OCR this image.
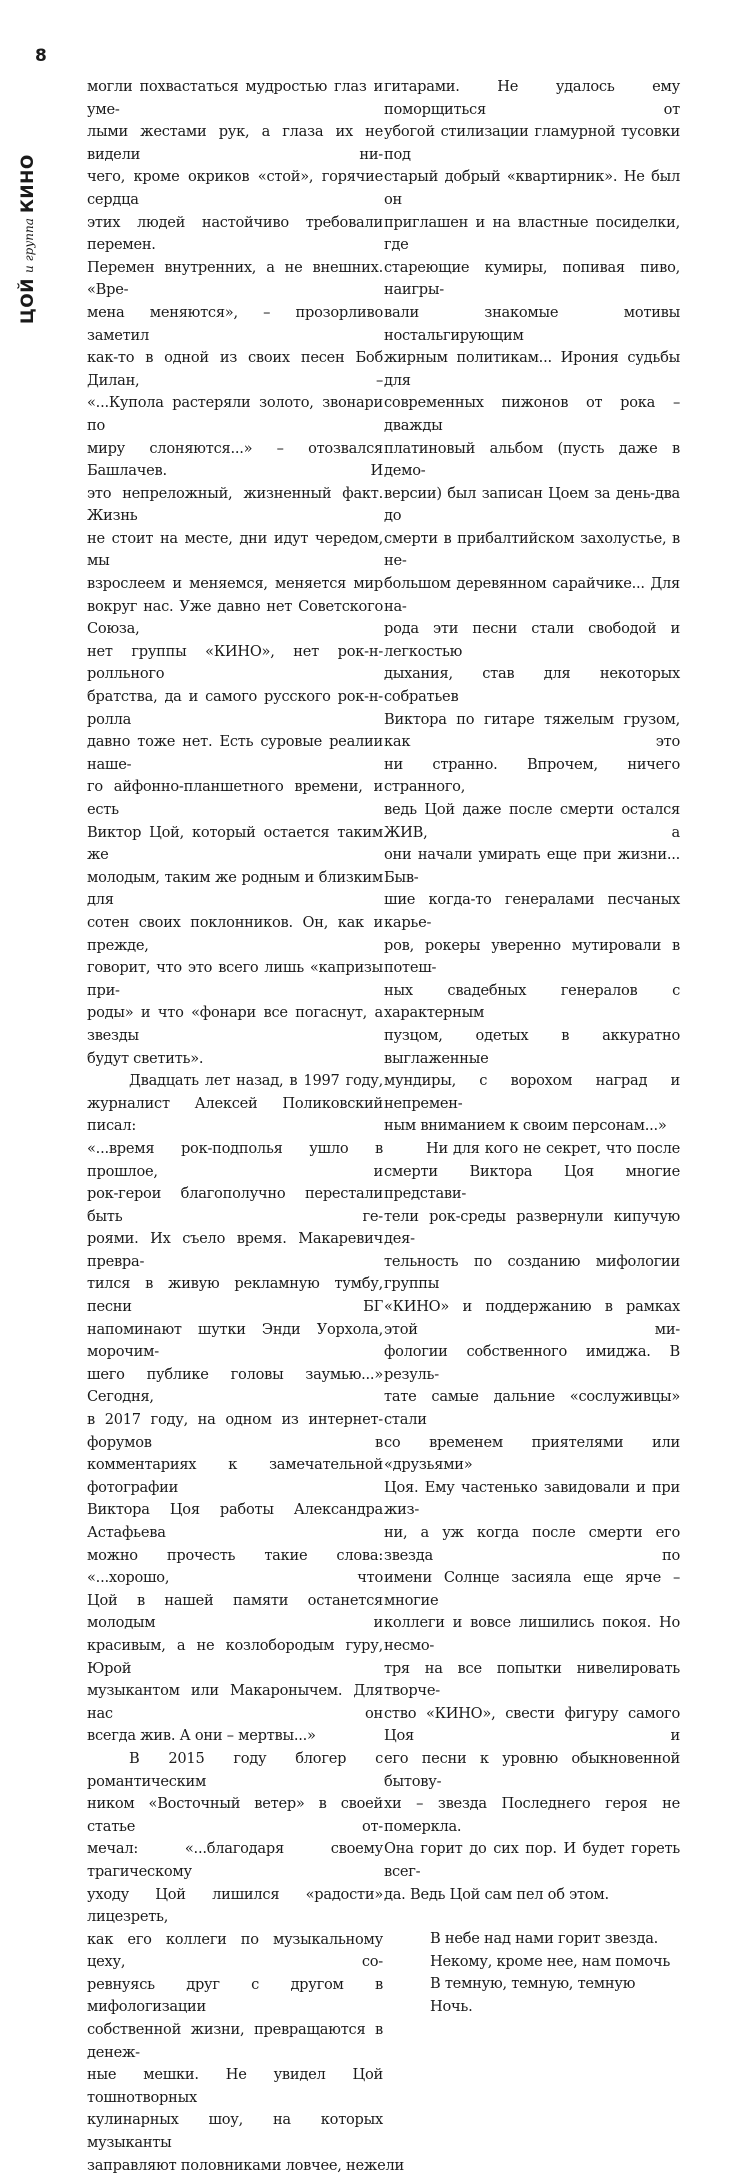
8
ЦОЙ и группа КИНО
могли похвастаться мудростью глаз и уме-
лыми жестами рук, а глаза их не видели ни-
чего, кроме окриков «стой», горячие сердца
этих людей настойчиво требовали перемен.
Перемен внутренних, а не внешних. «Вре-
мена меняются», – прозорливо заметил
как-то в одной из своих песен Боб Дилан, –
«...Купола растеряли золото, звонари по
миру слоняются...» – отозвался Башлачев. И
это непреложный, жизненный факт. Жизнь
не стоит на месте, дни идут чередом, мы
взрослеем и меняемся, меняется мир
вокруг нас. Уже давно нет Советского Союза,
нет группы «КИНО», нет рок-н-ролльного
братства, да и самого русского рок-н-ролла
давно тоже нет. Есть суровые реалии наше-
го айфонно-планшетного времени, и есть
Виктор Цой, который остается таким же
молодым, таким же родным и близким для
сотен своих поклонников. Он, как и прежде,
говорит, что это всего лишь «капризы при-
роды» и что «фонари все погаснут, а звезды
будут светить».
Двадцать лет назад, в 1997 году,
журналист Алексей Поликовский писал:
«...время рок-подполья ушло в прошлое, и
рок-герои благополучно перестали быть ге-
роями. Их съело время. Макаревич преврa-
тился в живую рекламную тумбу, песни БГ
напоминают шутки Энди Уорхола, морочим-
шего публике головы заумью...» Сегодня,
в 2017 году, на одном из интернет-форумов в
комментариях к замечательной фотографии
Виктора Цоя работы Александра Астафьева
можно прочесть такие слова: «...хорошо, что
Цой в нашей памяти останется молодым и
красивым, а не козлобородым гуру, Юрой
музыкантом или Макаронычем. Для нас он
всегда жив. А они – мертвы...»
В 2015 году блогер с романтическим
ником «Восточный ветер» в своей статье от-
мечал: «...благодаря своему трагическому
уходу Цой лишился «радости» лицезреть,
как его коллеги по музыкальному цеху, со-
ревнуясь друг с другом в мифологизации
собственной жизни, превращаются в денеж-
ные мешки. Не увидел Цой тошнотворных
кулинарных шоу, на которых музыканты
заправляют половниками ловчее, нежели
гитарами. Не удалось ему поморщиться от
убогой стилизации гламурной тусовки под
старый добрый «квартирник». Не был он
приглашен и на властные посиделки, где
стареющие кумиры, попивая пиво, наигры-
вали знакомые мотивы ностальгирующим
жирным политикам... Ирония судьбы для
современных пижонов от рока – дважды
платиновый альбом (пусть даже в демо-
версии) был записан Цоем за день-два до
смерти в прибалтийском захолустье, в не-
большом деревянном сарайчике... Для на-
рода эти песни стали свободой и легкостью
дыхания, став для некоторых собратьев
Виктора по гитаре тяжелым грузом, как это
ни странно. Впрочем, ничего странного,
ведь Цой даже после смерти остался ЖИВ, а
они начали умирать еще при жизни... Быв-
шие когда-то генералами песчаных карье-
ров, рокеры уверенно мутировали в потеш-
ных свадебных генералов с характерным
пузцом, одетых в аккуратно выглаженные
мундиры, с ворохом наград и непремен-
ным вниманием к своим персонам...»
Ни для кого не секрет, что после
смерти Виктора Цоя многие представи-
тели рок-среды развернули кипучую дея-
тельность по созданию мифологии группы
«КИНО» и поддержанию в рамках этой ми-
фологии собственного имиджа. В резуль-
тате самые дальние «сослуживцы» стали
со временем приятелями или «друзьями»
Цоя. Ему частенько завидовали и при жиз-
ни, а уж когда после смерти его звезда по
имени Солнце засияла еще ярче – многие
коллеги и вовсе лишились покоя. Но несмо-
тря на все попытки нивелировать творче-
ство «КИНО», свести фигуру самого Цоя и
его песни к уровню обыкновенной бытову-
хи – звезда Последнего героя не померкла.
Она горит до сих пор. И будет гореть всег-
да. Ведь Цой сам пел об этом.
В небе над нами горит звезда.
Некому, кроме нее, нам помочь
В темную, темную, темную
Ночь.
